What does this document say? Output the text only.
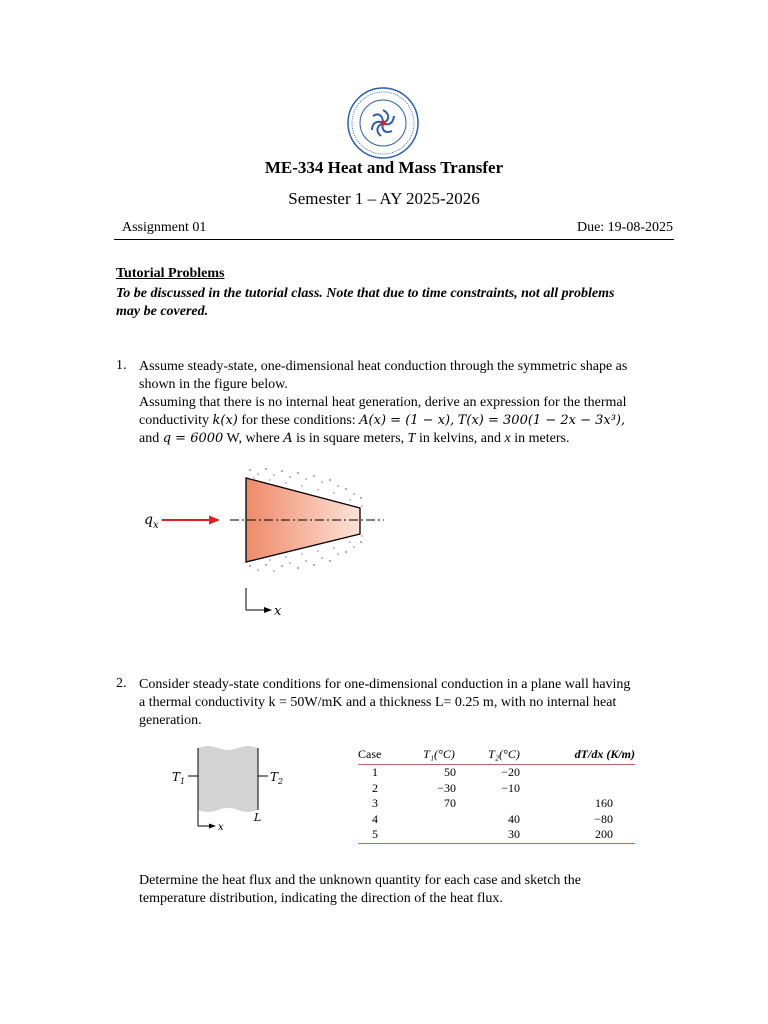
ME-334 Heat and Mass Transfer
Semester 1 – AY 2025-2026
Assignment 01	Due: 19-08-2025
Tutorial Problems
To be discussed in the tutorial class. Note that due to time constraints, not all problems
may be covered.
1. Assume steady-state, one-dimensional heat conduction through the symmetric shape as
shown in the figure below.
Assuming that there is no internal heat generation, derive an expression for the thermal
conductivity k(x) for these conditions: A(x) = (1 − x), T(x) = 300(1 − 2x − 3x³),
and q = 6000 W, where A is in square meters, T in kelvins, and x in meters.
$q_x$
x
2. Consider steady-state conditions for one-dimensional conduction in a plane wall having
a thermal conductivity k = 50W/mK and a thickness L= 0.25 m, with no internal heat
generation.
$T_1$	$T_2$
L
x
Case	T₁(°C)	T₂(°C)	dT/dx (K/m)
1	50	−20	
2	−30	−10	
3	70		160
4		40	−80
5		30	200
Determine the heat flux and the unknown quantity for each case and sketch the
temperature distribution, indicating the direction of the heat flux.
